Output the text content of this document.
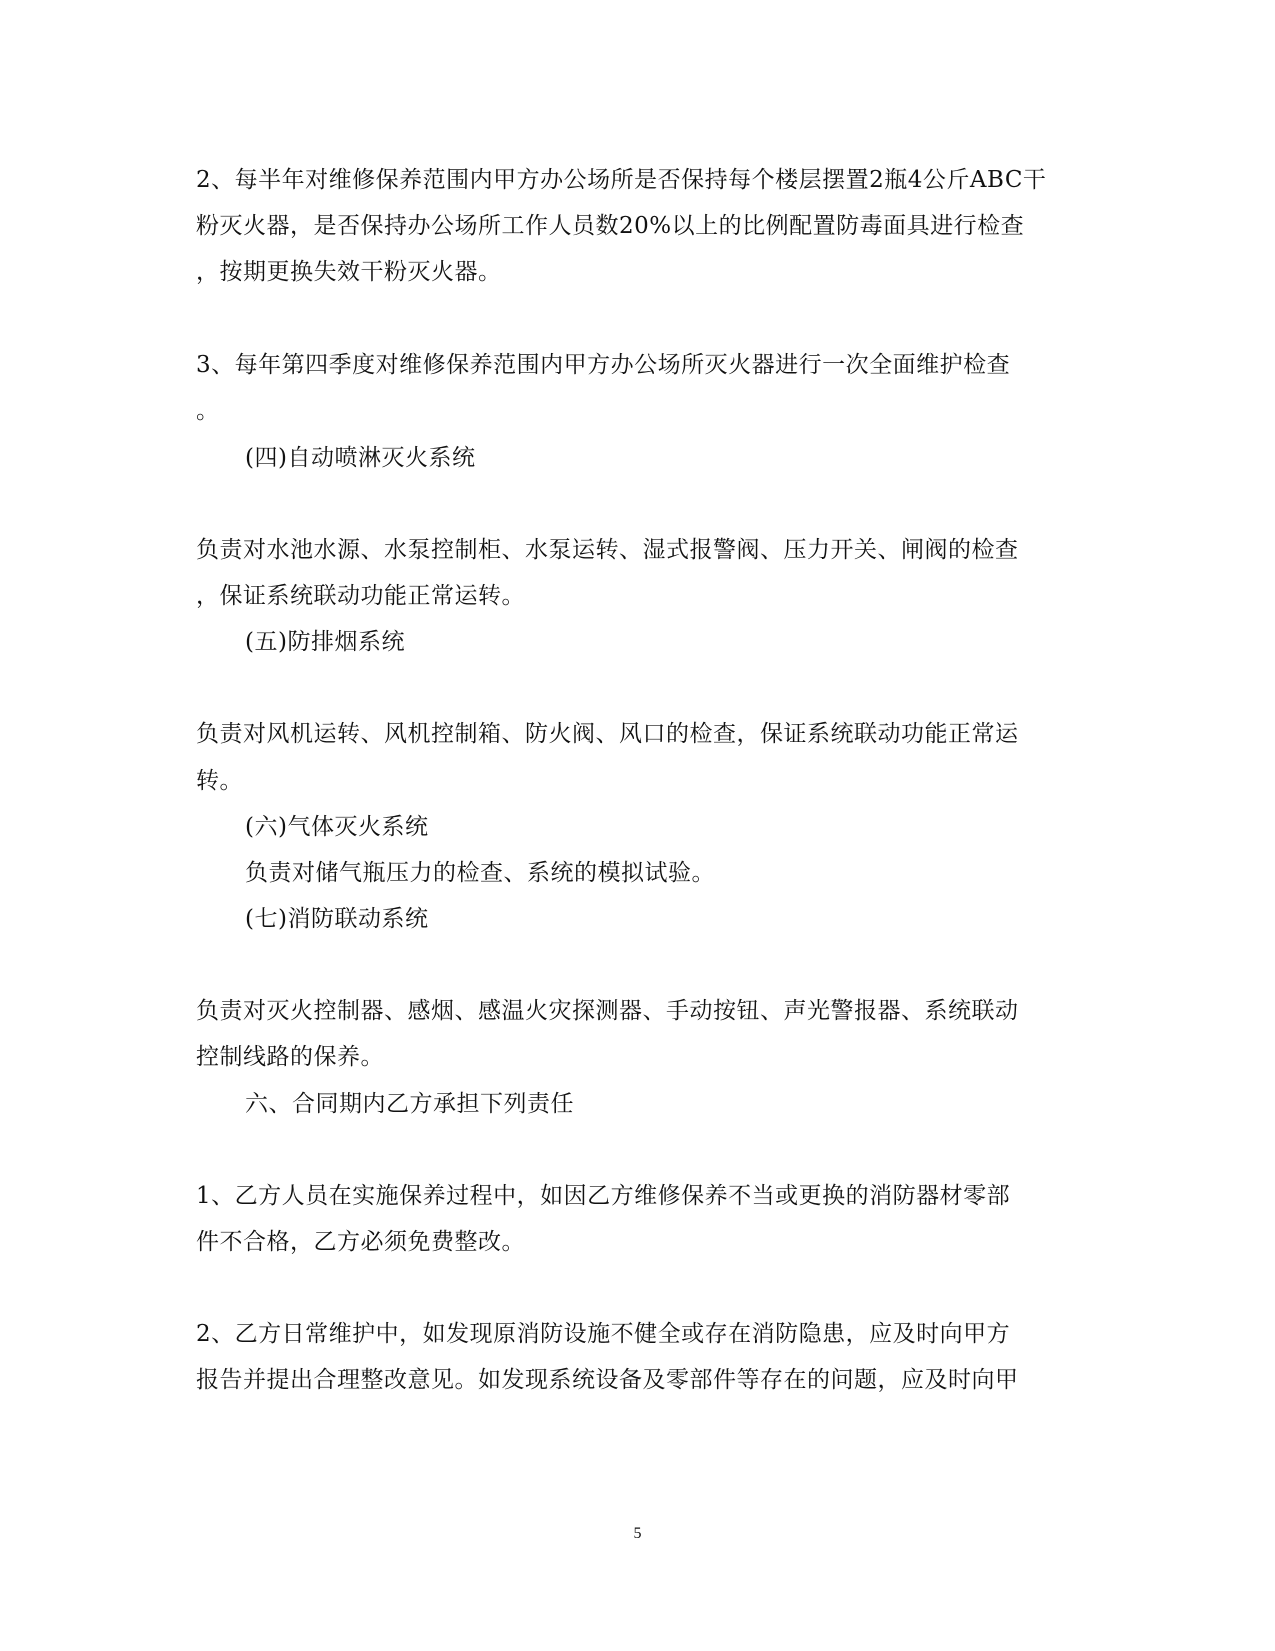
2、每半年对维修保养范围内甲方办公场所是否保持每个楼层摆置2瓶4公斤ABC干
粉灭火器，是否保持办公场所工作人员数20%以上的比例配置防毒面具进行检查
，按期更换失效干粉灭火器。
3、每年第四季度对维修保养范围内甲方办公场所灭火器进行一次全面维护检查
。
(四)自动喷淋灭火系统
负责对水池水源、水泵控制柜、水泵运转、湿式报警阀、压力开关、闸阀的检查
，保证系统联动功能正常运转。
(五)防排烟系统
负责对风机运转、风机控制箱、防火阀、风口的检查，保证系统联动功能正常运
转。
(六)气体灭火系统
负责对储气瓶压力的检查、系统的模拟试验。
(七)消防联动系统
负责对灭火控制器、感烟、感温火灾探测器、手动按钮、声光警报器、系统联动
控制线路的保养。
六、合同期内乙方承担下列责任
1、乙方人员在实施保养过程中，如因乙方维修保养不当或更换的消防器材零部
件不合格，乙方必须免费整改。
2、乙方日常维护中，如发现原消防设施不健全或存在消防隐患，应及时向甲方
报告并提出合理整改意见。如发现系统设备及零部件等存在的问题，应及时向甲
5
